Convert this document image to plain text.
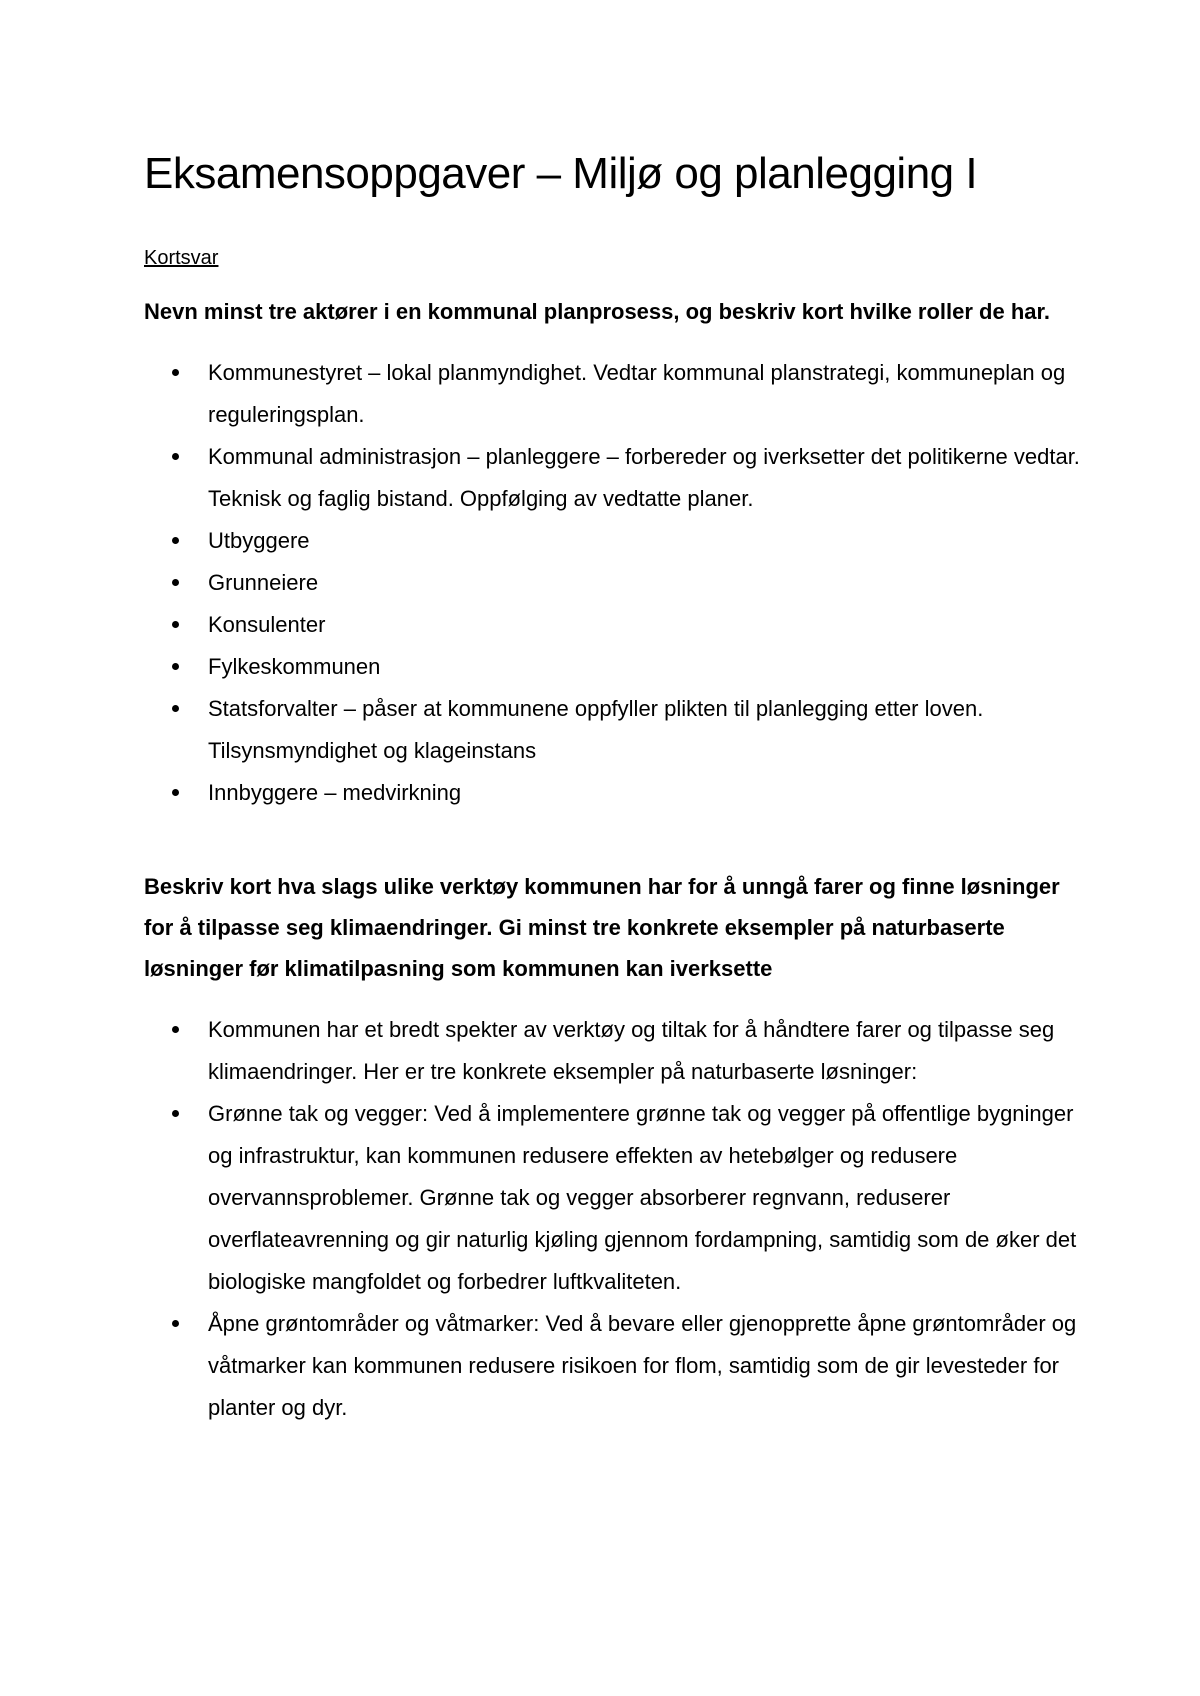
Eksamensoppgaver – Miljø og planlegging I
Kortsvar

Nevn minst tre aktører i en kommunal planprosess, og beskriv kort hvilke roller de har.

Kommunestyret – lokal planmyndighet. Vedtar kommunal planstrategi, kommuneplan og reguleringsplan.
Kommunal administrasjon – planleggere – forbereder og iverksetter det politikerne vedtar. Teknisk og faglig bistand. Oppfølging av vedtatte planer.
Utbyggere
Grunneiere
Konsulenter
Fylkeskommunen
Statsforvalter – påser at kommunene oppfyller plikten til planlegging etter loven. Tilsynsmyndighet og klageinstans
Innbyggere – medvirkning

Beskriv kort hva slags ulike verktøy kommunen har for å unngå farer og finne løsninger for å tilpasse seg klimaendringer. Gi minst tre konkrete eksempler på naturbaserte løsninger før klimatilpasning som kommunen kan iverksette

Kommunen har et bredt spekter av verktøy og tiltak for å håndtere farer og tilpasse seg klimaendringer. Her er tre konkrete eksempler på naturbaserte løsninger:
Grønne tak og vegger: Ved å implementere grønne tak og vegger på offentlige bygninger og infrastruktur, kan kommunen redusere effekten av hetebølger og redusere overvannsproblemer. Grønne tak og vegger absorberer regnvann, reduserer overflateavrenning og gir naturlig kjøling gjennom fordampning, samtidig som de øker det biologiske mangfoldet og forbedrer luftkvaliteten.
Åpne grøntområder og våtmarker: Ved å bevare eller gjenopprette åpne grøntområder og våtmarker kan kommunen redusere risikoen for flom, samtidig som de gir levesteder for planter og dyr.
